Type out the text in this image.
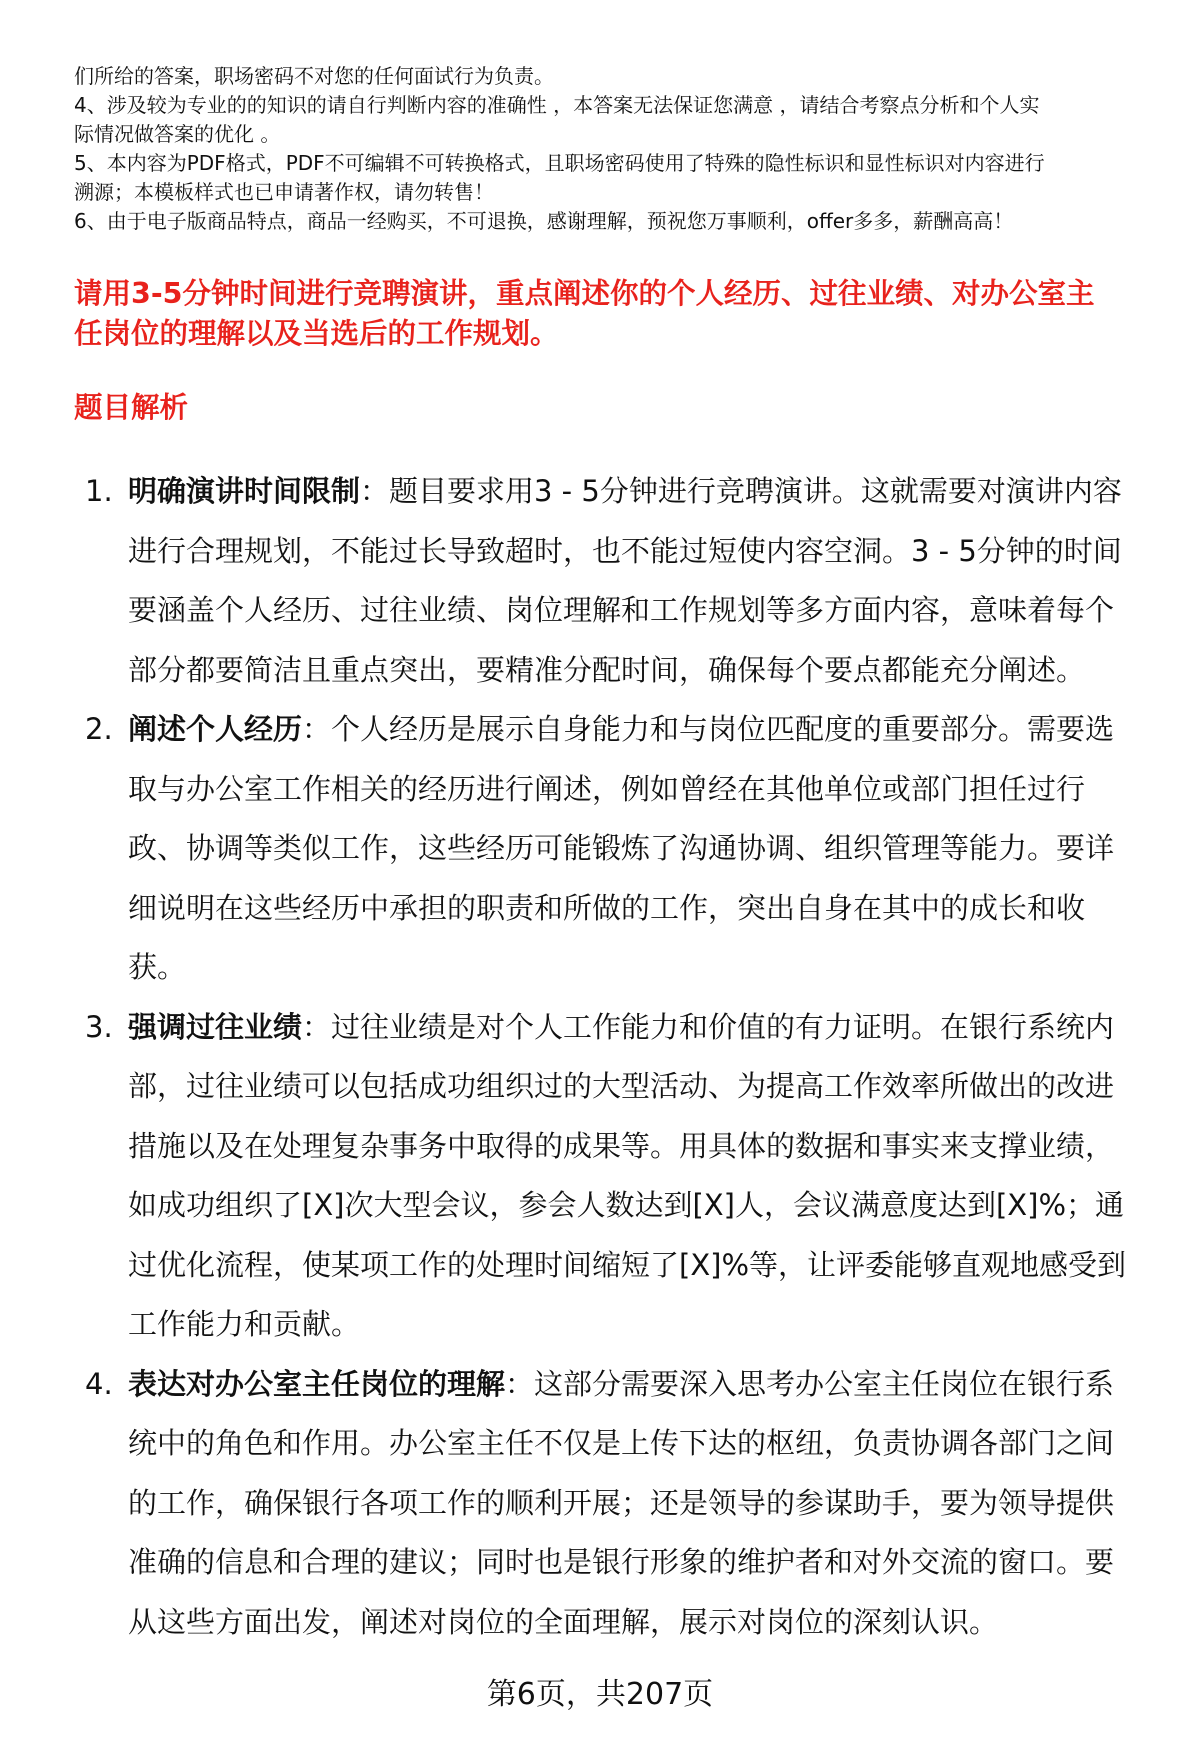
们所给的答案，职场密码不对您的任何面试行为负责。
4、涉及较为专业的的知识的请自行判断内容的准确性 ，本答案无法保证您满意 ，请结合考察点分析和个人实
际情况做答案的优化 。
5、本内容为PDF格式，PDF不可编辑不可转换格式，且职场密码使用了特殊的隐性标识和显性标识对内容进行
溯源；本模板样式也已申请著作权，请勿转售！
6、由于电子版商品特点，商品一经购买，不可退换，感谢理解，预祝您万事顺利，offer多多，薪酬高高！
请用3-5分钟时间进行竞聘演讲，重点阐述你的个人经历、过往业绩、对办公室主
任岗位的理解以及当选后的工作规划。
题目解析
1. 明确演讲时间限制：题目要求用3 - 5分钟进行竞聘演讲。这就需要对演讲内容
进行合理规划，不能过长导致超时，也不能过短使内容空洞。3 - 5分钟的时间
要涵盖个人经历、过往业绩、岗位理解和工作规划等多方面内容，意味着每个
部分都要简洁且重点突出，要精准分配时间，确保每个要点都能充分阐述。
2. 阐述个人经历：个人经历是展示自身能力和与岗位匹配度的重要部分。需要选
取与办公室工作相关的经历进行阐述，例如曾经在其他单位或部门担任过行
政、协调等类似工作，这些经历可能锻炼了沟通协调、组织管理等能力。要详
细说明在这些经历中承担的职责和所做的工作，突出自身在其中的成长和收
获。
3. 强调过往业绩：过往业绩是对个人工作能力和价值的有力证明。在银行系统内
部，过往业绩可以包括成功组织过的大型活动、为提高工作效率所做出的改进
措施以及在处理复杂事务中取得的成果等。用具体的数据和事实来支撑业绩，
如成功组织了[X]次大型会议，参会人数达到[X]人，会议满意度达到[X]%；通
过优化流程，使某项工作的处理时间缩短了[X]%等，让评委能够直观地感受到
工作能力和贡献。
4. 表达对办公室主任岗位的理解：这部分需要深入思考办公室主任岗位在银行系
统中的角色和作用。办公室主任不仅是上传下达的枢纽，负责协调各部门之间
的工作，确保银行各项工作的顺利开展；还是领导的参谋助手，要为领导提供
准确的信息和合理的建议；同时也是银行形象的维护者和对外交流的窗口。要
从这些方面出发，阐述对岗位的全面理解，展示对岗位的深刻认识。
第6页，共207页
